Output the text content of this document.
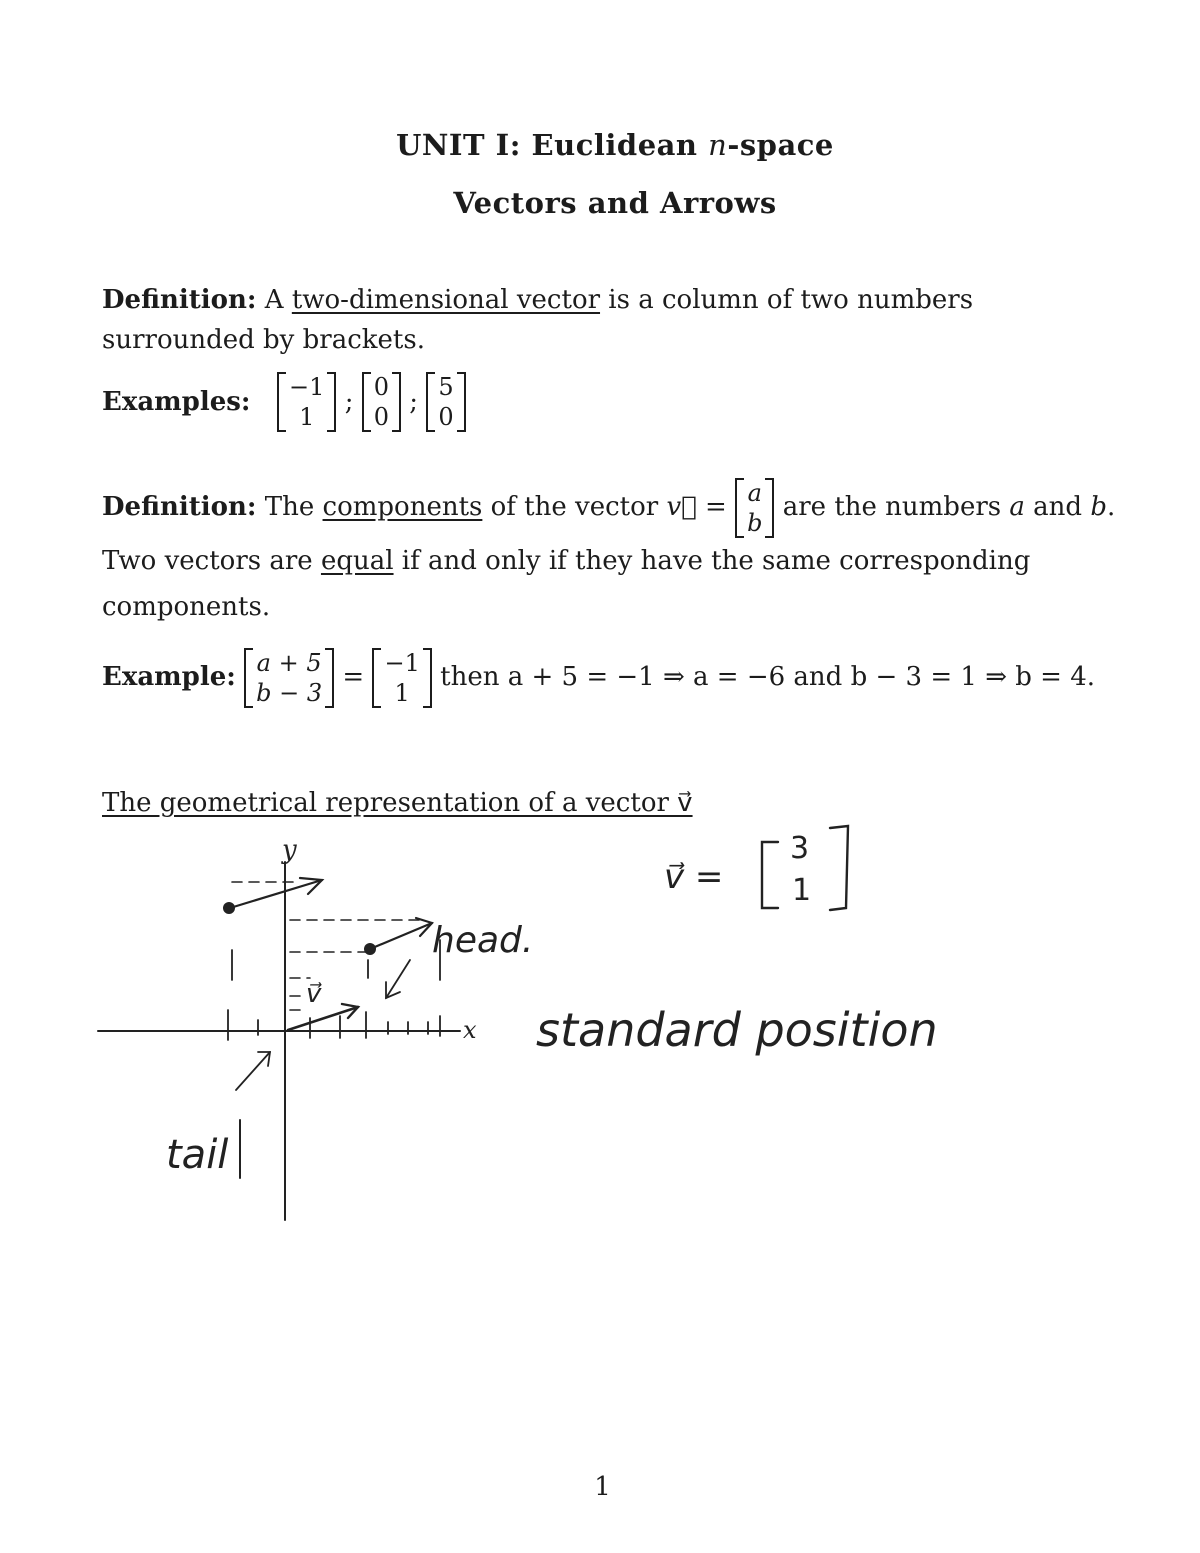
UNIT I: Euclidean n-space
Vectors and Arrows
Definition: A two-dimensional vector is a column of two numbers surrounded by brackets.
Examples: −1
1 ; 0
0 ; 5
0
Definition: The components of the vector v⃗ = a
b
are the numbers a and b. Two vectors are equal if and only if they have the same corresponding components.
Example: a + 5
b − 3
= −1
1
then a + 5 = −1 ⇒ a = −6 and b − 3 = 1 ⇒ b = 4.
The geometrical representation of a vector v⃗
y
x
v⃗
v⃗ =
3
1
head.
standard position
tail
1
